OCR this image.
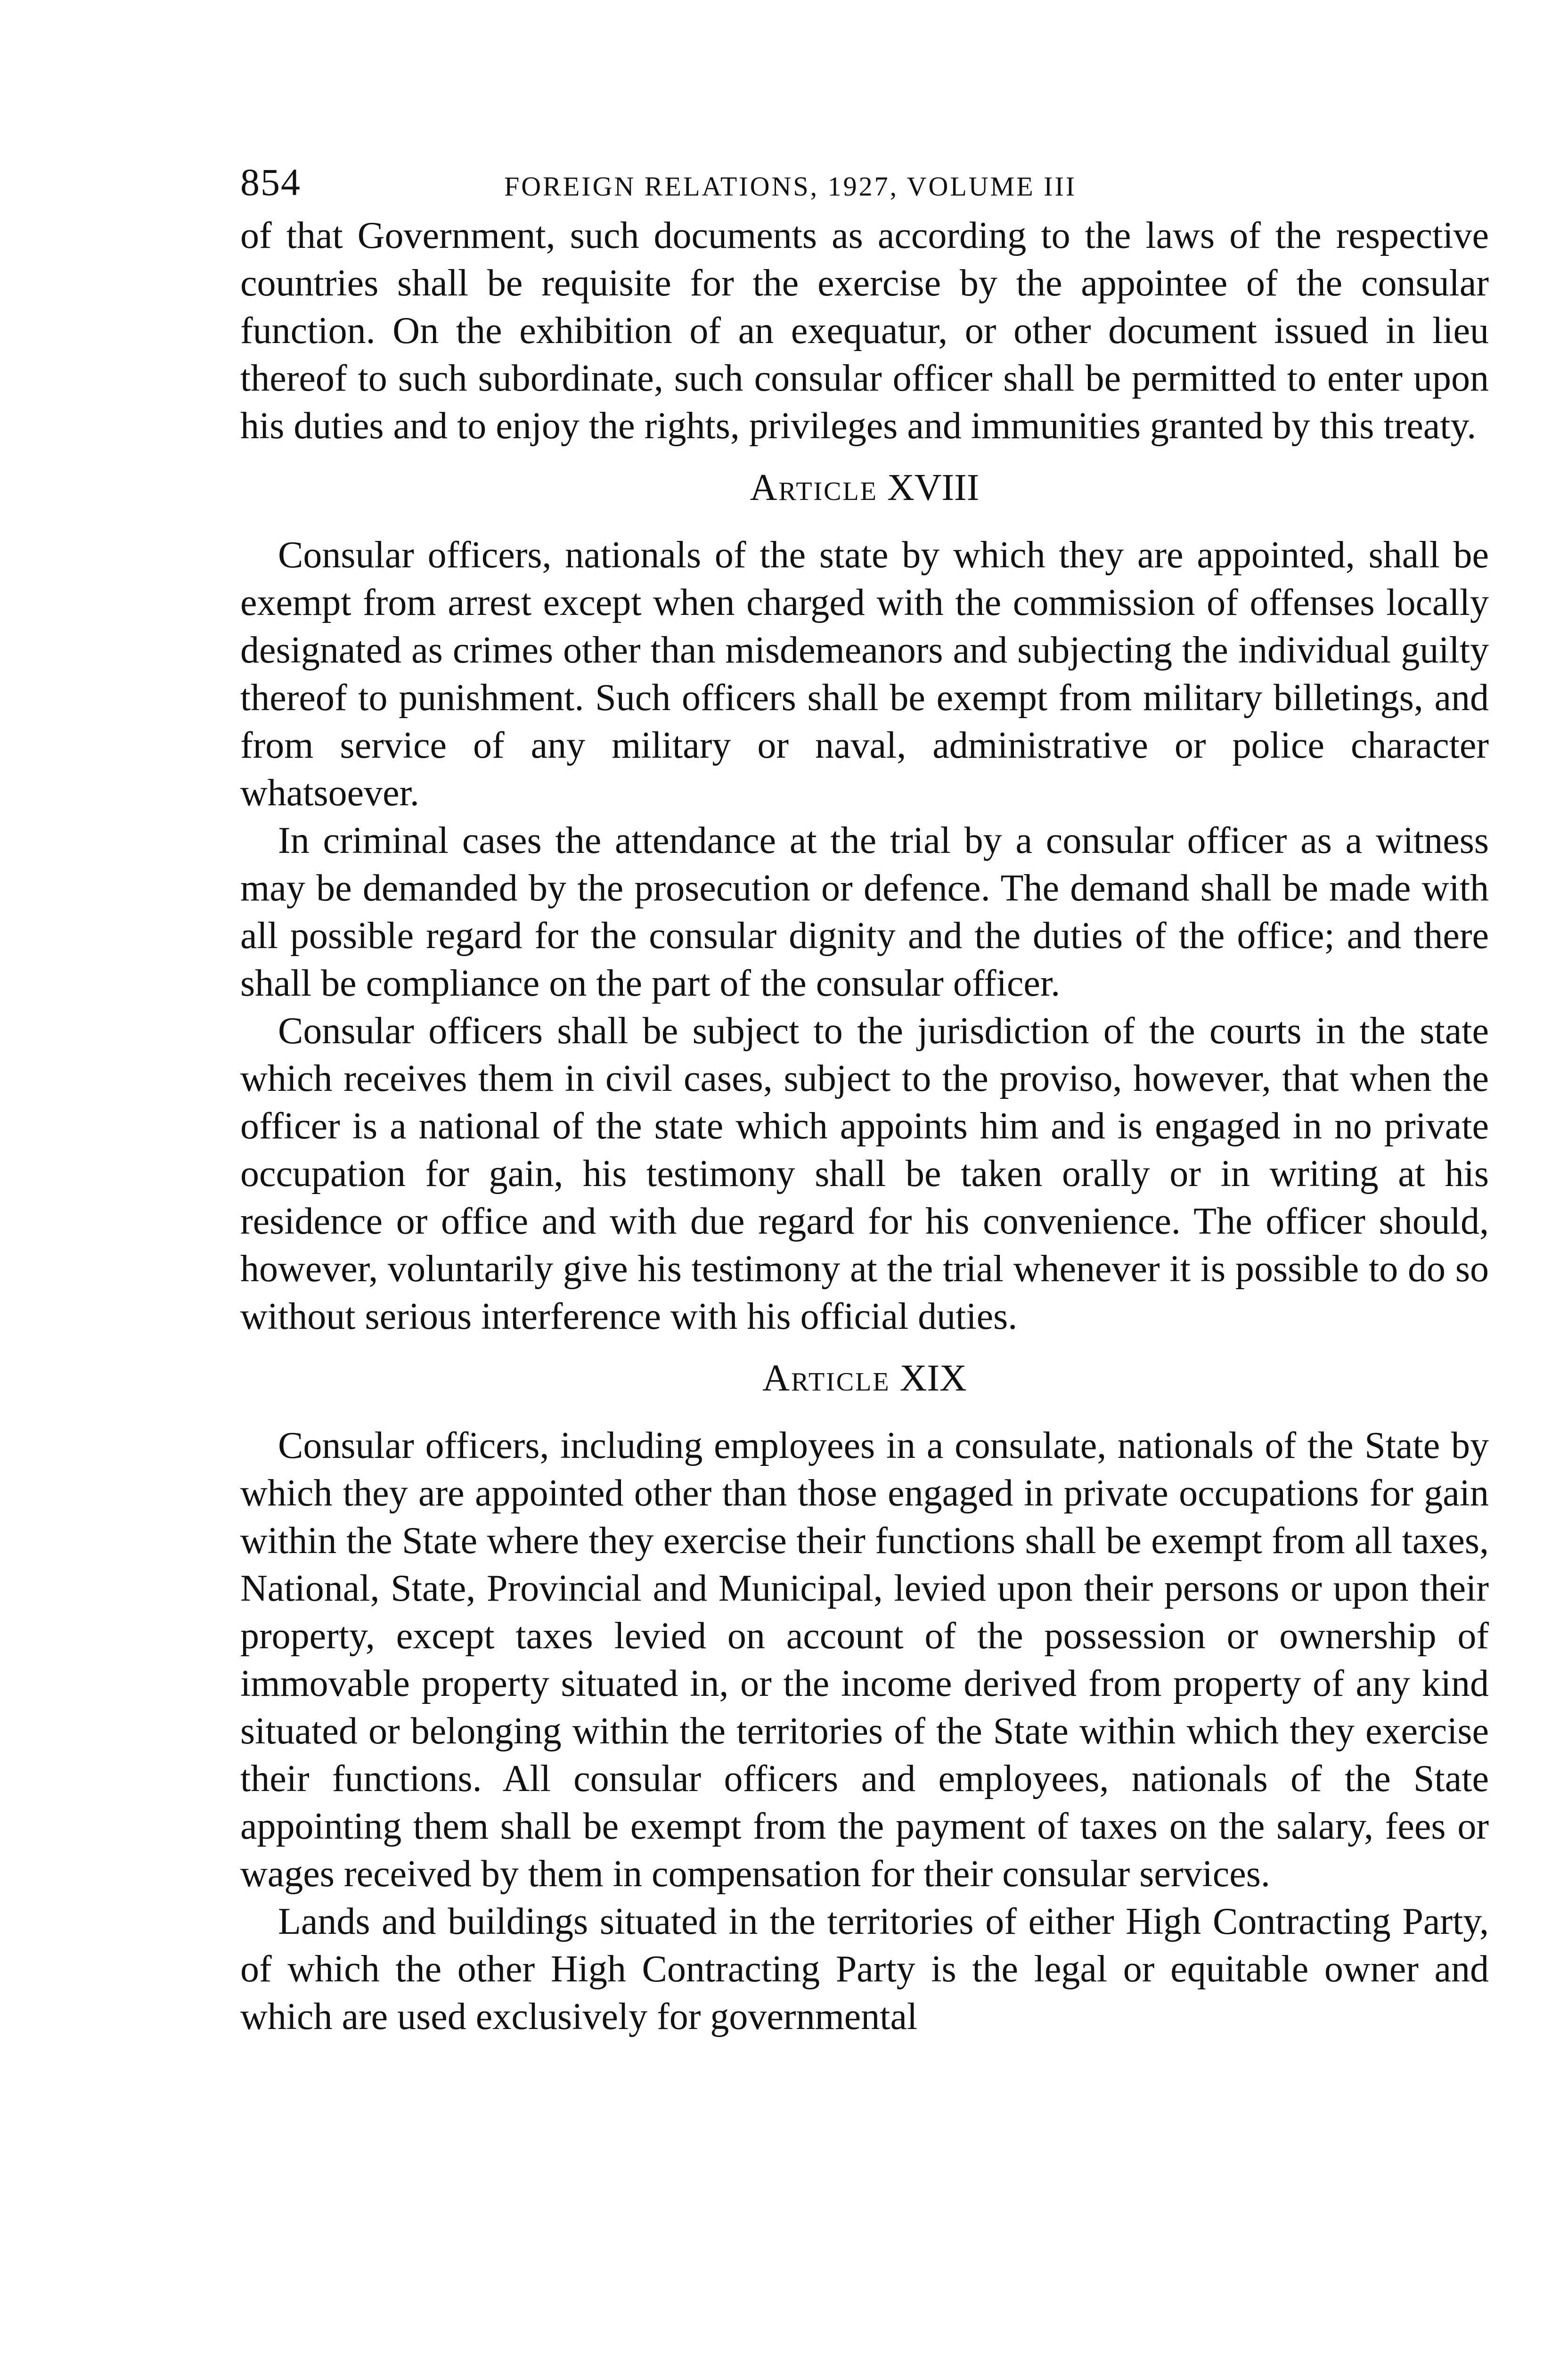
854	FOREIGN RELATIONS, 1927, VOLUME III

of that Government, such documents as according to the laws of the respective countries shall be requisite for the exercise by the appointee of the consular function. On the exhibition of an exequatur, or other document issued in lieu thereof to such subordinate, such consular officer shall be permitted to enter upon his duties and to enjoy the rights, privileges and immunities granted by this treaty.

Article XVIII

Consular officers, nationals of the state by which they are appointed, shall be exempt from arrest except when charged with the commission of offenses locally designated as crimes other than misdemeanors and subjecting the individual guilty thereof to punishment. Such officers shall be exempt from military billetings, and from service of any military or naval, administrative or police character whatsoever.

In criminal cases the attendance at the trial by a consular officer as a witness may be demanded by the prosecution or defence. The demand shall be made with all possible regard for the consular dignity and the duties of the office; and there shall be compliance on the part of the consular officer.

Consular officers shall be subject to the jurisdiction of the courts in the state which receives them in civil cases, subject to the proviso, however, that when the officer is a national of the state which appoints him and is engaged in no private occupation for gain, his testimony shall be taken orally or in writing at his residence or office and with due regard for his convenience. The officer should, however, voluntarily give his testimony at the trial whenever it is possible to do so without serious interference with his official duties.

Article XIX

Consular officers, including employees in a consulate, nationals of the State by which they are appointed other than those engaged in private occupations for gain within the State where they exercise their functions shall be exempt from all taxes, National, State, Provincial and Municipal, levied upon their persons or upon their property, except taxes levied on account of the possession or ownership of immovable property situated in, or the income derived from property of any kind situated or belonging within the territories of the State within which they exercise their functions. All consular officers and employees, nationals of the State appointing them shall be exempt from the payment of taxes on the salary, fees or wages received by them in compensation for their consular services.

Lands and buildings situated in the territories of either High Contracting Party, of which the other High Contracting Party is the legal or equitable owner and which are used exclusively for governmental
